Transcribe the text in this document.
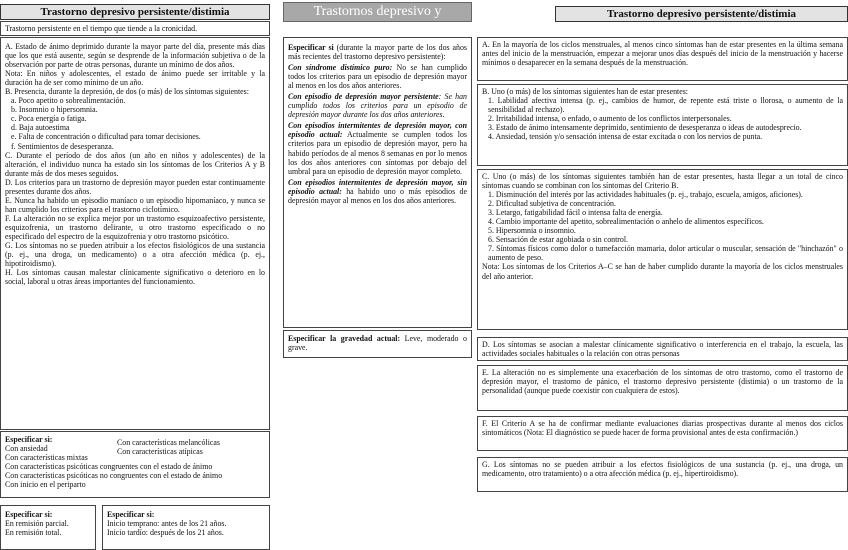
Trastorno depresivo persistente/distimia
Trastorno persistente en el tiempo que tiende a la cronicidad.

A. Estado de ánimo deprimido durante la mayor parte del día, presente más días que los que está ausente, según se desprende de la información subjetiva o de la observación por parte de otras personas, durante un mínimo de dos años.

Nota: En niños y adolescentes, el estado de ánimo puede ser irritable y la duración ha de ser como mínimo de un año.

B. Presencia, durante la depresión, de dos (o más) de los síntomas siguientes:

a. Poco apetito o sobrealimentación.

b. Insomnio o hipersomnia.

c. Poca energía o fatiga.

d. Baja autoestima

e. Falta de concentración o dificultad para tomar decisiones.

f. Sentimientos de desesperanza.

C. Durante el período de dos años (un año en niños y adolescentes) de la alteración, el individuo nunca ha estado sin los síntomas de los Criterios A y B durante más de dos meses seguidos.

D. Los criterios para un trastorno de depresión mayor pueden estar continuamente presentes durante dos años.

E. Nunca ha habido un episodio maníaco o un episodio hipomaníaco, y nunca se han cumplido los criterios para el trastorno ciclotímico.

F. La alteración no se explica mejor por un trastorno esquizoafectivo persistente, esquizofrenia, un trastorno delirante, u otro trastorno especificado o no especificado del espectro de la esquizofrenia y otro trastorno psicótico.

G. Los síntomas no se pueden atribuir a los efectos fisiológicos de una sustancia (p. ej., una droga, un medicamento) o a otra afección médica (p. ej., hipotiroidismo).

H. Los síntomas causan malestar clínicamente significativo o deterioro en lo social, laboral u otras áreas importantes del funcionamiento.

Especificar si:

Con ansiedad

Con características mixtas

Con características melancólicas

Con características atípicas

Con características psicóticas congruentes con el estado de ánimo

Con características psicóticas no congruentes con el estado de ánimo

Con inicio en el periparto

Especificar si:

En remisión parcial.

En remisión total.

Especificar si:

Inicio temprano: antes de los 21 años.

Inicio tardío: después de los 21 años.

Trastornos depresivo y relacionados

Especificar si (durante la mayor parte de los dos años más recientes del trastorno depresivo persistente):

Con síndrome distímico puro: No se han cumplido todos los criterios para un episodio de depresión mayor al menos en los dos años anteriores.

Con episodio de depresión mayor persistente: Se han cumplido todos los criterios para un episodio de depresión mayor durante los dos años anteriores.

Con episodios intermitentes de depresión mayor, con episodio actual: Actualmente se cumplen todos los criterios para un episodio de depresión mayor, pero ha habido períodos de al menos 8 semanas en por lo menos los dos años anteriores con síntomas por debajo del umbral para un episodio de depresión mayor completo.

Con episodios intermitentes de depresión mayor, sin episodio actual: ha habido uno o más episodios de depresión mayor al menos en los dos años anteriores.

Especificar la gravedad actual: Leve, moderado o grave.
Trastorno depresivo persistente/distimia
A. En la mayoría de los ciclos menstruales, al menos cinco síntomas han de estar presentes en la última semana antes del inicio de la menstruación, empezar a mejorar unos días después del inicio de la menstruación y hacerse mínimos o desaparecer en la semana después de la menstruación.

B. Uno (o más) de los síntomas siguientes han de estar presentes:

1. Labilidad afectiva intensa (p. ej., cambios de humor, de repente está triste o llorosa, o aumento de la sensibilidad al rechazo).

2. Irritabilidad intensa, o enfado, o aumento de los conflictos interpersonales.

3. Estado de ánimo intensamente deprimido, sentimiento de desesperanza o ideas de autodesprecio.

4. Ansiedad, tensión y/o sensación intensa de estar excitada o con los nervios de punta.

C. Uno (o más) de los síntomas siguientes también han de estar presentes, hasta llegar a un total de cinco síntomas cuando se combinan con los síntomas del Criterio B.

1. Disminución del interés por las actividades habituales (p. ej., trabajo, escuela, amigos, aficiones).

2. Dificultad subjetiva de concentración.

3. Letargo, fatigabilidad fácil o intensa falta de energía.

4. Cambio importante del apetito, sobrealimentación o anhelo de alimentos específicos.

5. Hipersomnia o insomnio.

6. Sensación de estar agobiada o sin control.

7. Síntomas físicos como dolor o tumefacción mamaria, dolor articular o muscular, sensación de "hinchazón" o aumento de peso.

Nota: Los síntomas de los Criterios A–C se han de haber cumplido durante la mayoría de los ciclos menstruales del año anterior.

D. Los síntomas se asocian a malestar clínicamente significativo o interferencia en el trabajo, la escuela, las actividades sociales habituales o la relación con otras personas
E. La alteración no es simplemente una exacerbación de los síntomas de otro trastorno, como el trastorno de depresión mayor, el trastorno de pánico, el trastorno depresivo persistente (distimia) o un trastorno de la personalidad (aunque puede coexistir con cualquiera de estos).
F. El Criterio A se ha de confirmar mediante evaluaciones diarias prospectivas durante al menos dos ciclos sintomáticos (Nota: El diagnóstico se puede hacer de forma provisional antes de esta confirmación.)
G. Los síntomas no se pueden atribuir a los efectos fisiológicos de una sustancia (p. ej., una droga, un medicamento, otro tratamiento) o a otra afección médica (p. ej., hipertiroidismo).
